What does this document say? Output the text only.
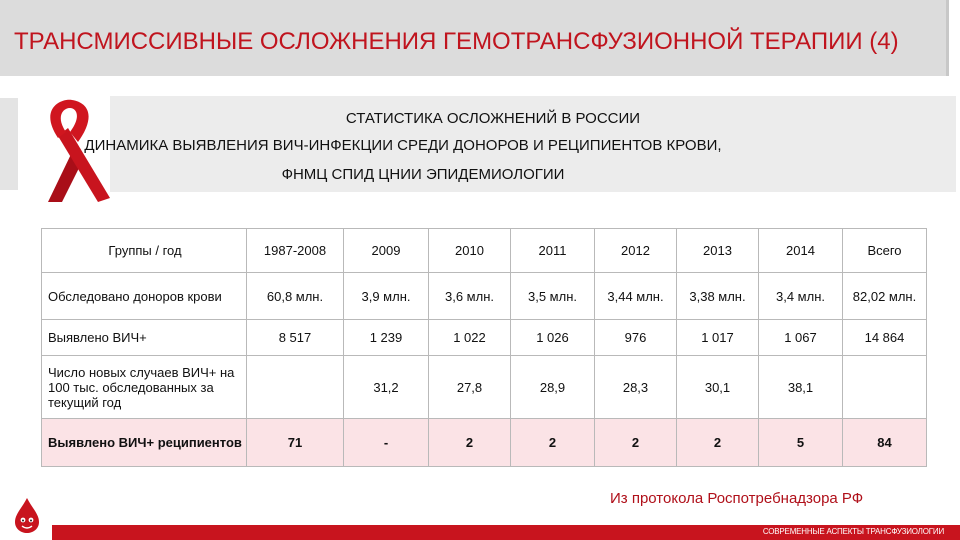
ТРАНСМИССИВНЫЕ ОСЛОЖНЕНИЯ ГЕМОТРАНСФУЗИОННОЙ ТЕРАПИИ (4)
СТАТИСТИКА ОСЛОЖНЕНИЙ В РОССИИ
ДИНАМИКА ВЫЯВЛЕНИЯ ВИЧ-ИНФЕКЦИИ СРЕДИ ДОНОРОВ И РЕЦИПИЕНТОВ КРОВИ,
ФНМЦ СПИД ЦНИИ ЭПИДЕМИОЛОГИИ
Группы / год	1987-2008	2009	2010	2011	2012	2013	2014	Всего
Обследовано доноров крови	60,8 млн.	3,9 млн.	3,6 млн.	3,5 млн.	3,44 млн.	3,38 млн.	3,4 млн.	82,02 млн.
Выявлено ВИЧ+	8 517	1 239	1 022	1 026	976	1 017	1 067	14 864
Число новых случаев ВИЧ+ на 100 тыс. обследованных за текущий год		31,2	27,8	28,9	28,3	30,1	38,1	
Выявлено ВИЧ+ реципиентов	71	-	2	2	2	2	5	84
Из протокола Роспотребнадзора РФ
СОВРЕМЕННЫЕ АСПЕКТЫ ТРАНСФУЗИОЛОГИИ
